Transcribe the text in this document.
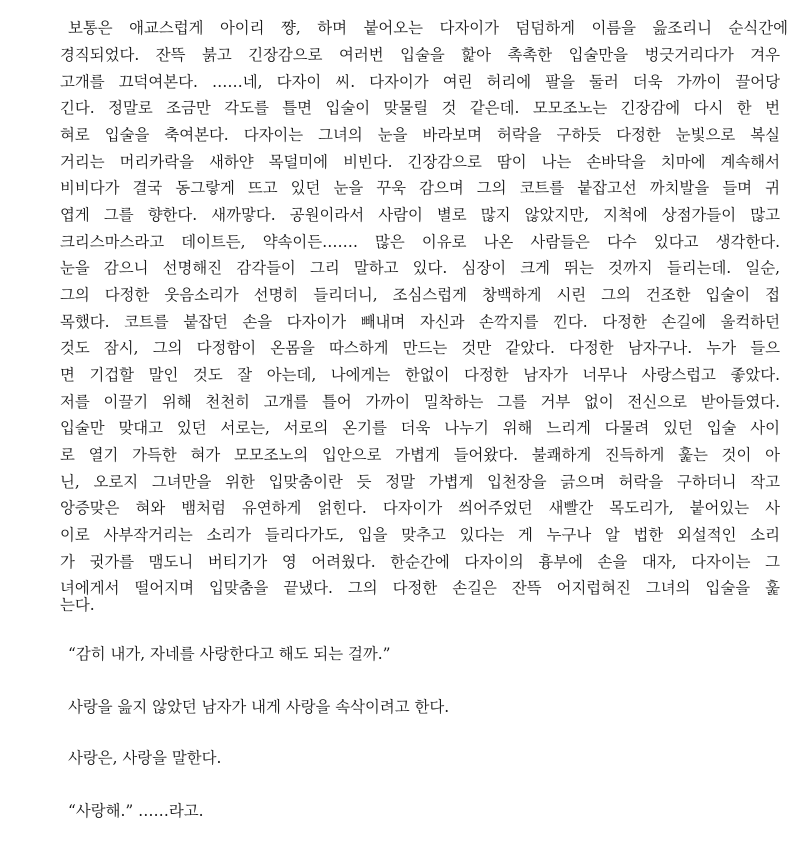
보통은 애교스럽게 아이리 쨩, 하며 붙어오는 다자이가 덤덤하게 이름을 읊조리니 순식간에
경직되었다. 잔뜩 붉고 긴장감으로 여러번 입술을 핥아 촉촉한 입술만을 벙긋거리다가 겨우
고개를 끄덕여본다. ……네, 다자이 씨. 다자이가 여린 허리에 팔을 둘러 더욱 가까이 끌어당
긴다. 정말로 조금만 각도를 틀면 입술이 맞물릴 것 같은데. 모모조노는 긴장감에 다시 한 번
혀로 입술을 축여본다. 다자이는 그녀의 눈을 바라보며 허락을 구하듯 다정한 눈빛으로 복실
거리는 머리카락을 새하얀 목덜미에 비빈다. 긴장감으로 땀이 나는 손바닥을 치마에 계속해서
비비다가 결국 동그랗게 뜨고 있던 눈을 꾸욱 감으며 그의 코트를 붙잡고선 까치발을 들며 귀
엽게 그를 향한다. 새까맣다. 공원이라서 사람이 별로 많지 않았지만, 지척에 상점가들이 많고
크리스마스라고 데이트든, 약속이든……. 많은 이유로 나온 사람들은 다수 있다고 생각한다.
눈을 감으니 선명해진 감각들이 그리 말하고 있다. 심장이 크게 뛰는 것까지 들리는데. 일순,
그의 다정한 웃음소리가 선명히 들리더니, 조심스럽게 창백하게 시린 그의 건조한 입술이 접
목했다. 코트를 붙잡던 손을 다자이가 빼내며 자신과 손깍지를 낀다. 다정한 손길에 울컥하던
것도 잠시, 그의 다정함이 온몸을 따스하게 만드는 것만 같았다. 다정한 남자구나. 누가 들으
면 기겁할 말인 것도 잘 아는데, 나에게는 한없이 다정한 남자가 너무나 사랑스럽고 좋았다.
저를 이끌기 위해 천천히 고개를 틀어 가까이 밀착하는 그를 거부 없이 전신으로 받아들였다.
입술만 맞대고 있던 서로는, 서로의 온기를 더욱 나누기 위해 느리게 다물려 있던 입술 사이
로 열기 가득한 혀가 모모조노의 입안으로 가볍게 들어왔다. 불쾌하게 진득하게 훑는 것이 아
닌, 오로지 그녀만을 위한 입맞춤이란 듯 정말 가볍게 입천장을 긁으며 허락을 구하더니 작고
앙증맞은 혀와 뱀처럼 유연하게 얽힌다. 다자이가 씌어주었던 새빨간 목도리가, 붙어있는 사
이로 사부작거리는 소리가 들리다가도, 입을 맞추고 있다는 게 누구나 알 법한 외설적인 소리
가 귓가를 맴도니 버티기가 영 어려웠다. 한순간에 다자이의 흉부에 손을 대자, 다자이는 그
녀에게서 떨어지며 입맞춤을 끝냈다. 그의 다정한 손길은 잔뜩 어지럽혀진 그녀의 입술을 훑
는다.
“감히 내가, 자네를 사랑한다고 해도 되는 걸까.”
사랑을 읊지 않았던 남자가 내게 사랑을 속삭이려고 한다.
사랑은, 사랑을 말한다.
“사랑해.” ……라고.
